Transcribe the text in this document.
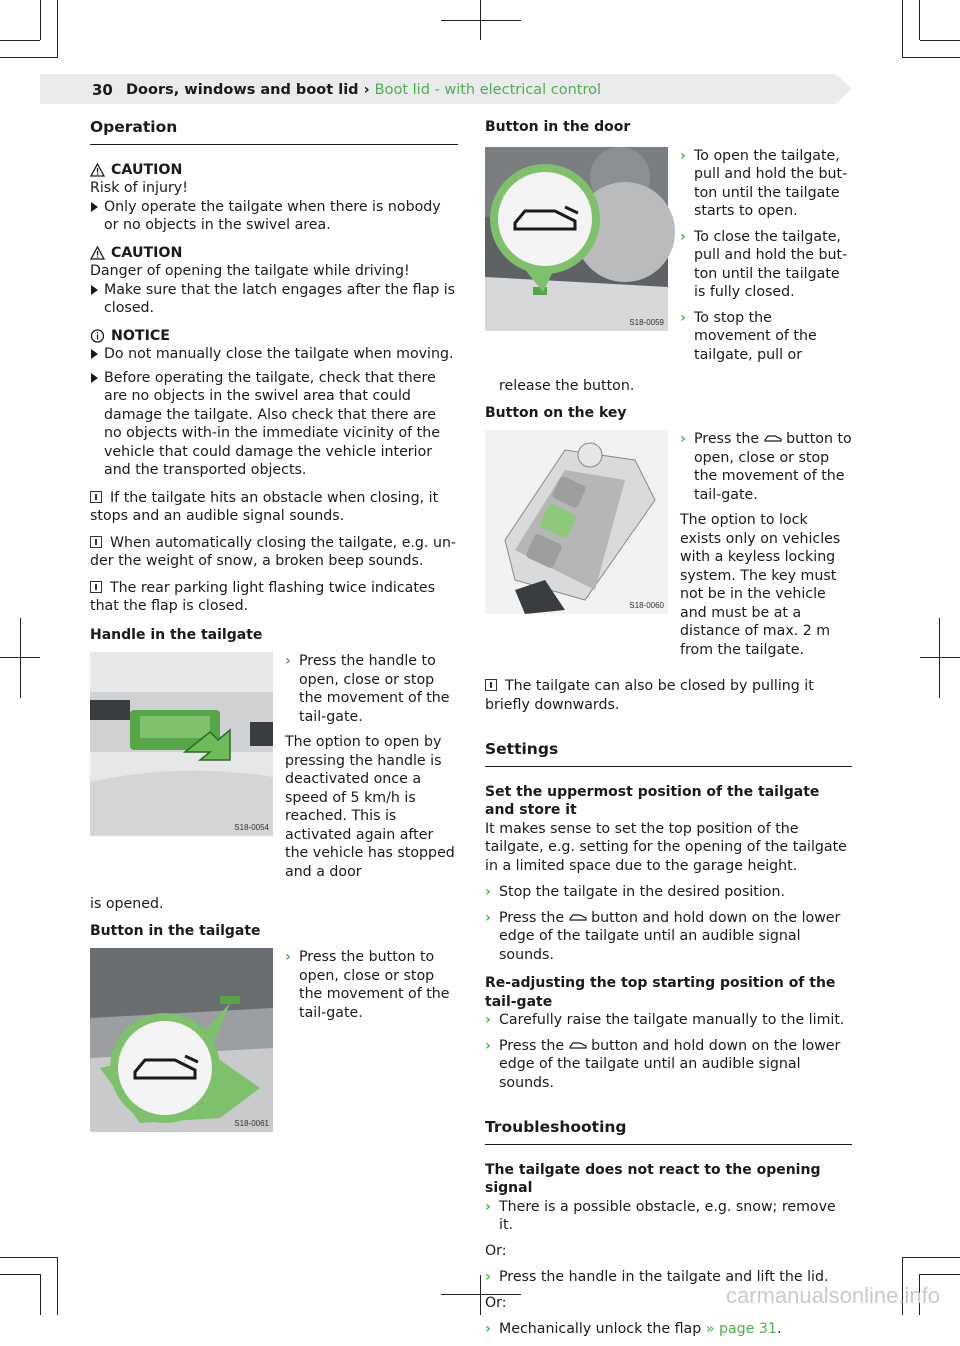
30 Doors, windows and boot lid › Boot lid - with electrical control
Operation
CAUTION
Risk of injury!
Only operate the tailgate when there is nobody or no objects in the swivel area.
CAUTION
Danger of opening the tailgate while driving!
Make sure that the latch engages after the flap is closed.
NOTICE
Do not manually close the tailgate when moving.
Before operating the tailgate, check that there are no objects in the swivel area that could damage the tailgate. Also check that there are no objects with-in the immediate vicinity of the vehicle that could damage the vehicle interior and the transported objects.

If the tailgate hits an obstacle when closing, it stops and an audible signal sounds.

When automatically closing the tailgate, e.g. un-der the weight of snow, a broken beep sounds.

The rear parking light flashing twice indicates that the flap is closed.

Handle in the tailgate
S18-0054
› Press the handle to open, close or stop the movement of the tail-gate.

The option to open by pressing the handle is deactivated once a speed of 5 km/h is reached. This is activated again after the vehicle has stopped and a door

is opened.

Button in the tailgate
S18-0061
› Press the button to open, close or stop the movement of the tail-gate.
Button in the door
S18-0059
› To open the tailgate, pull and hold the but-ton until the tailgate starts to open.
› To close the tailgate, pull and hold the but-ton until the tailgate is fully closed.
› To stop the movement of the tailgate, pull or

release the button.

Button on the key
S18-0060
› Press the button to open, close or stop the movement of the tail-gate.

The option to lock exists only on vehicles with a keyless locking system. The key must not be in the vehicle and must be at a distance of max. 2 m from the tailgate.

The tailgate can also be closed by pulling it briefly downwards.

Settings
Set the uppermost position of the tailgate and store it

It makes sense to set the top position of the tailgate, e.g. setting for the opening of the tailgate in a limited space due to the garage height.

› Stop the tailgate in the desired position.
› Press the button and hold down on the lower edge of the tailgate until an audible signal sounds.
Re-adjusting the top starting position of the tail-gate
› Carefully raise the tailgate manually to the limit.
› Press the button and hold down on the lower edge of the tailgate until an audible signal sounds.
Troubleshooting
The tailgate does not react to the opening signal
› There is a possible obstacle, e.g. snow; remove it.

Or:

› Press the handle in the tailgate and lift the lid.

Or:

› Mechanically unlock the flap » page 31.
carmanualsonline.info
